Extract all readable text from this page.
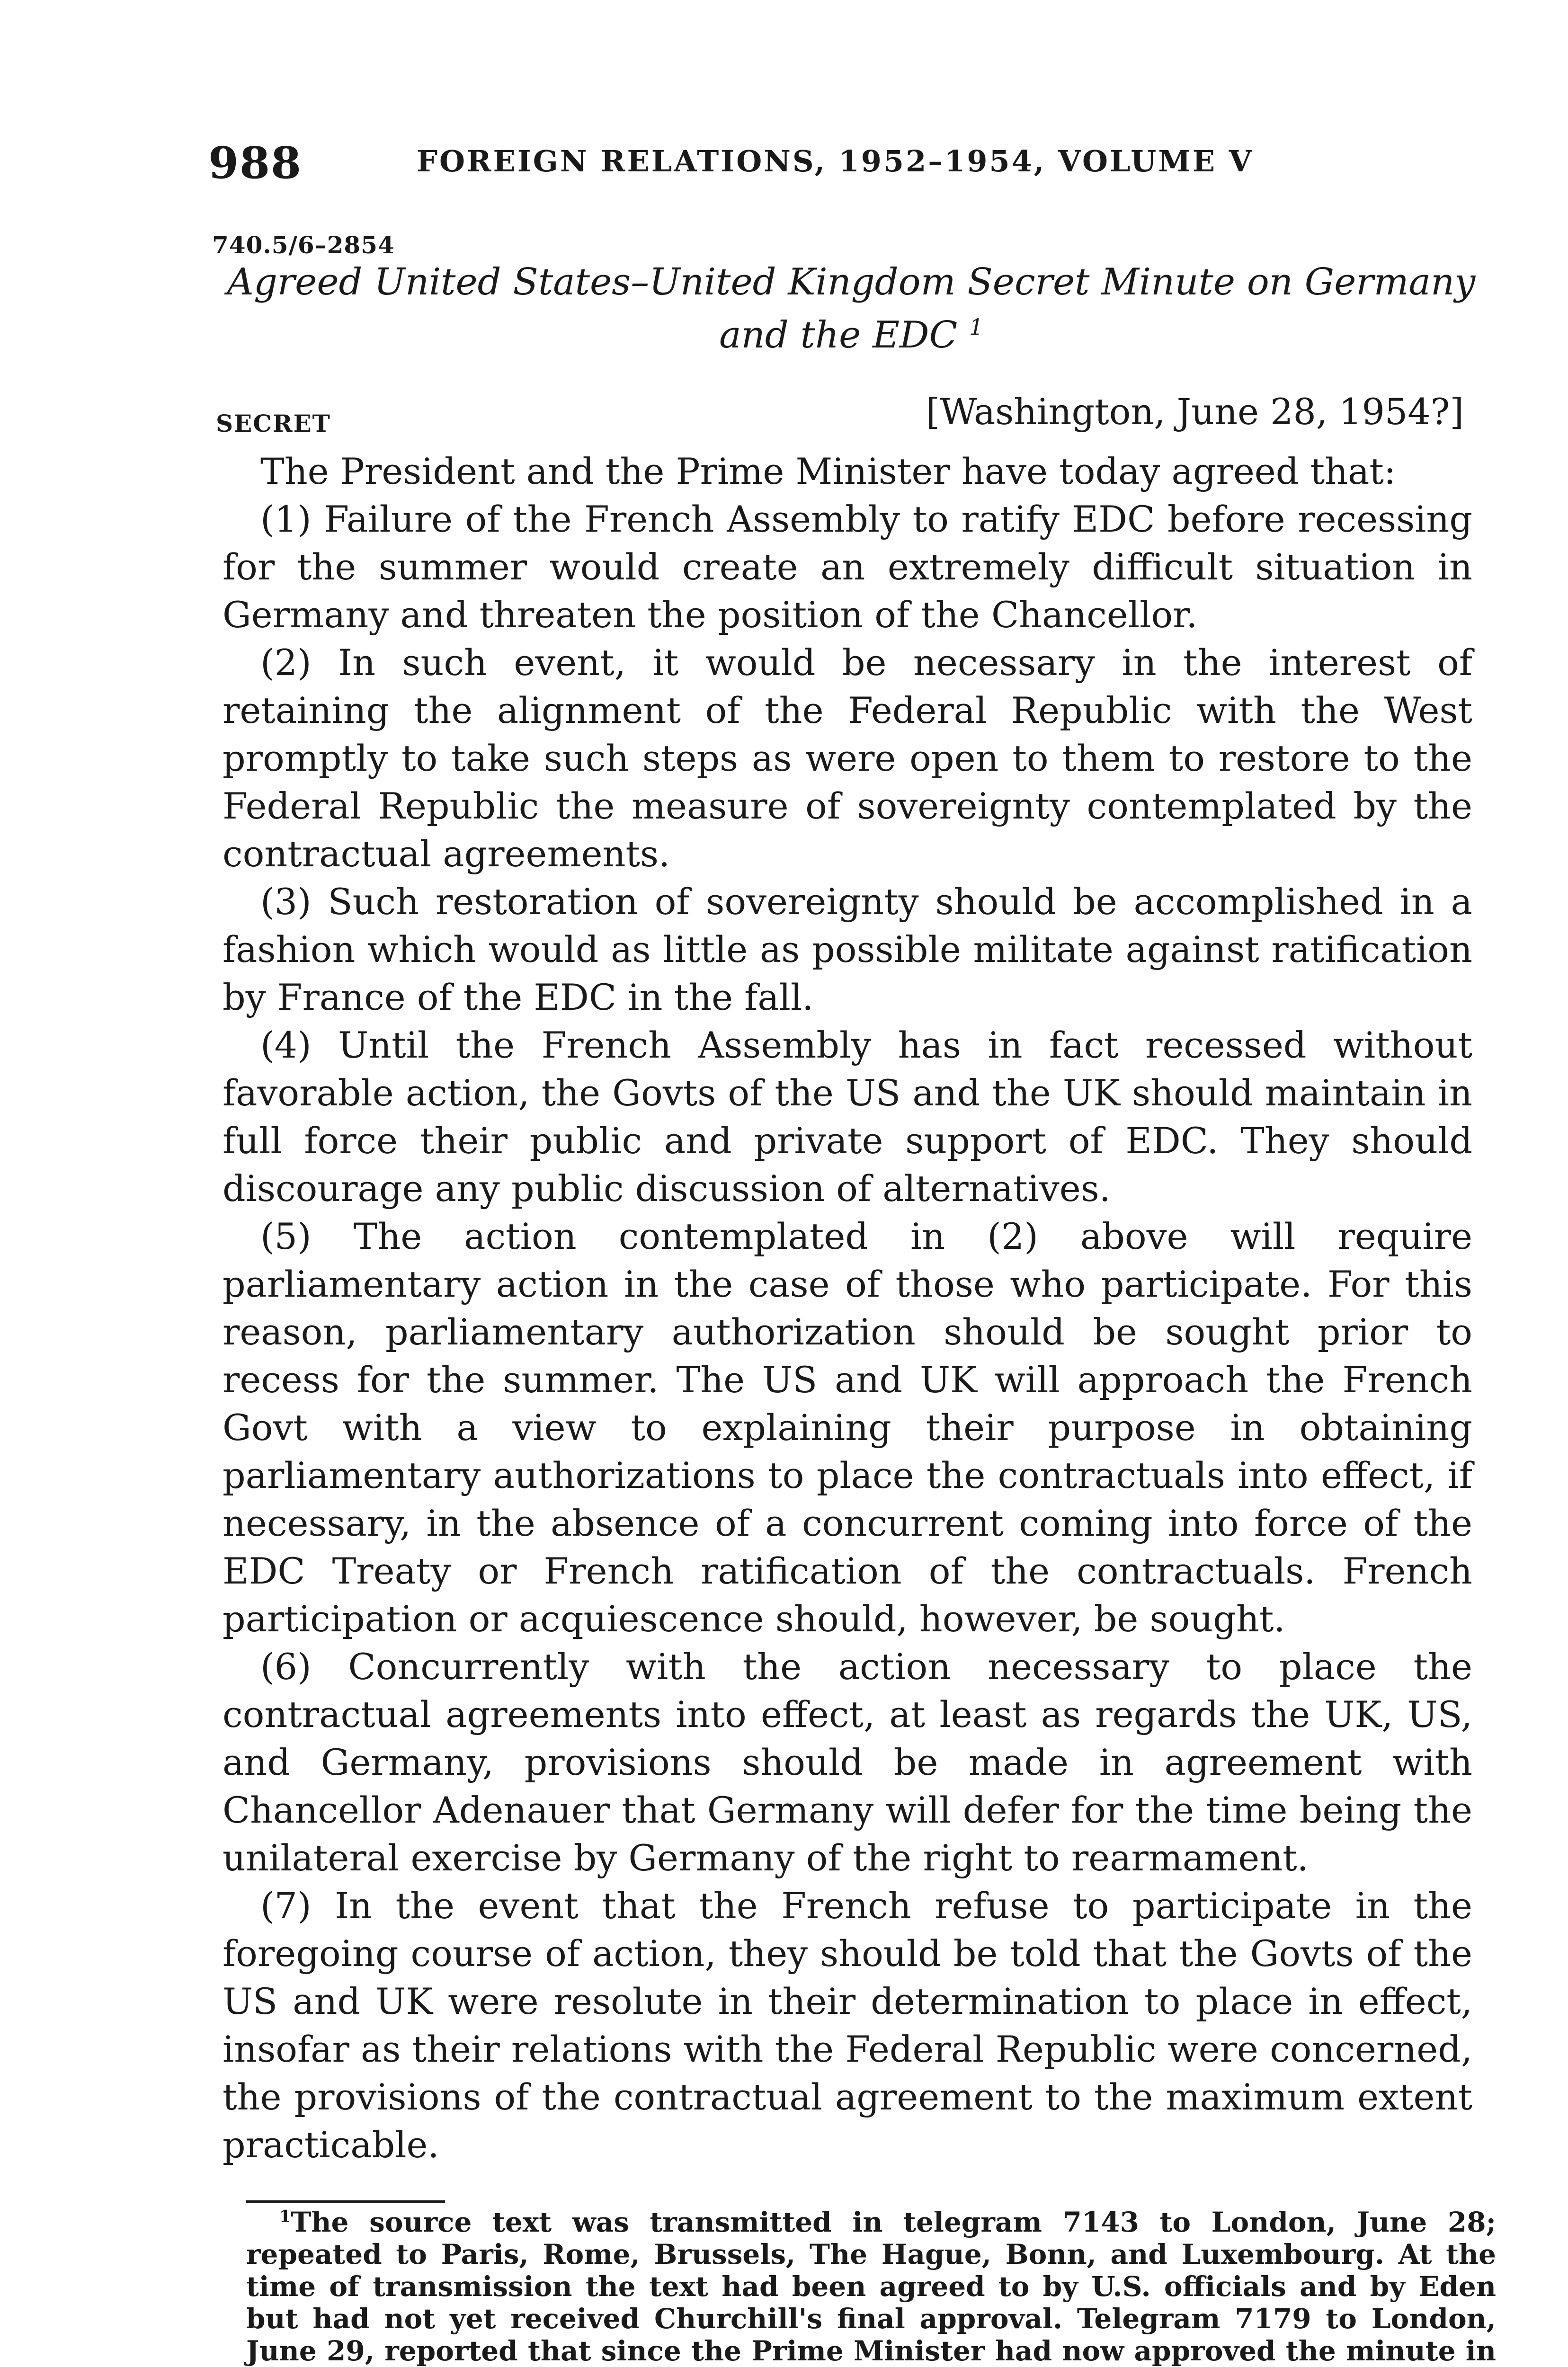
988	FOREIGN RELATIONS, 1952–1954, VOLUME V
740.5/6–2854
Agreed United States–United Kingdom Secret Minute on Germany
and the EDC $^1$
SECRET	[Washington, June 28, 1954?]

The President and the Prime Minister have today agreed that:

(1) Failure of the French Assembly to ratify EDC before recessing for the summer would create an extremely difficult situation in Germany and threaten the position of the Chancellor.

(2) In such event, it would be necessary in the interest of retaining the alignment of the Federal Republic with the West promptly to take such steps as were open to them to restore to the Federal Republic the measure of sovereignty contemplated by the contractual agreements.

(3) Such restoration of sovereignty should be accomplished in a fashion which would as little as possible militate against ratification by France of the EDC in the fall.

(4) Until the French Assembly has in fact recessed without favorable action, the Govts of the US and the UK should maintain in full force their public and private support of EDC. They should discourage any public discussion of alternatives.

(5) The action contemplated in (2) above will require parliamentary action in the case of those who participate. For this reason, parliamentary authorization should be sought prior to recess for the summer. The US and UK will approach the French Govt with a view to explaining their purpose in obtaining parliamentary authorizations to place the contractuals into effect, if necessary, in the absence of a concurrent coming into force of the EDC Treaty or French ratification of the contractuals. French participation or acquiescence should, however, be sought.

(6) Concurrently with the action necessary to place the contractual agreements into effect, at least as regards the UK, US, and Germany, provisions should be made in agreement with Chancellor Adenauer that Germany will defer for the time being the unilateral exercise by Germany of the right to rearmament.

(7) In the event that the French refuse to participate in the foregoing course of action, they should be told that the Govts of the US and UK were resolute in their determination to place in effect, insofar as their relations with the Federal Republic were concerned, the provisions of the contractual agreement to the maximum extent practicable.

$^1$The source text was transmitted in telegram 7143 to London, June 28; repeated to Paris, Rome, Brussels, The Hague, Bonn, and Luxembourg. At the time of transmission the text had been agreed to by U.S. officials and by Eden but had not yet received Churchill's final approval. Telegram 7179 to London, June 29, reported that since the Prime Minister had now approved the minute in
